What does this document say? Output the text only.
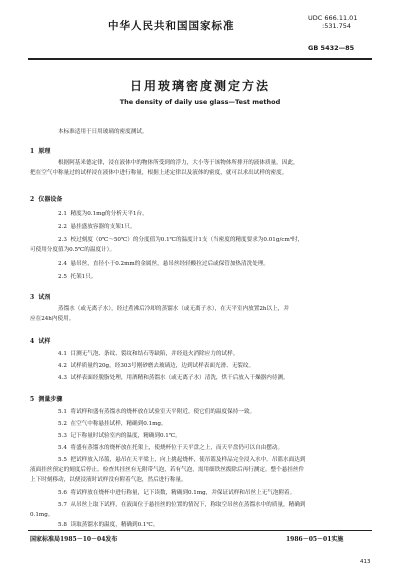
中华人民共和国国家标准
UDC 666.11.01
:531.754
GB 5432—85
日用玻璃密度测定方法
The density of daily use glass—Test method
本标准适用于日用玻璃的密度测试。
1 原理
根据阿基米德定律，浸在液体中的物体所受到的浮力，大小等于该物体所排开的液体质量。因此，
把在空气中称量过的试样浸在液体中进行称量，根据上述定律以及液体的密度，就可以求出试样的密度。
2 仪器设备
2.1 精度为0.1mg的分析天平1台。
2.2 悬挂盛放容器的支架1只。
2.3 校过刻度（0℃～50℃）的分度值为0.1℃的温度计1支（当密度的精度要求为0.01g/cm³时，
可使用分度值为0.5℃的温度计）。
2.4 悬吊丝，直径小于0.2mm的金属丝，悬吊丝经轻酸拉过后或保管加热清洗处理。
2.5 托架1只。
3 试剂
蒸馏水（或无离子水），经过煮沸后冷却的蒸馏水（或无离子水），在天平室内放置2h以上，并
应在24h内使用。
4 试样
4.1 目测无气泡、条纹、裂纹和结石等缺陷，并经退火消除应力的试样。
4.2 试样质量约20g，经303号刚砂磨去玻璃边，边到试样表面光滑、无裂纹。
4.3 试样表面经脱脂处理，用酒精和蒸馏水（或无离子水）清洗，烘干后放入干燥器内待测。
5 测量步骤
5.1 将试样和盛有蒸馏水的烧杯放在试验室天平附近，使它们的温度保持一致。
5.2 在空气中称悬挂试样，精确到0.1mg。
5.3 记下称量时试验室内的温度，精确到0.1℃。
5.4 将盛有蒸馏水的烧杯放在托架上，使烧杯位于天平盘之上，而天平盘仍可以自由摆动。
5.5 把试样放入吊篮，悬吊在天平梁上，向上挑起烧杯，使吊篮及样品完全浸入水中。吊篮水面达到
液面挂丝预定的刻度后停止。检查其挂丝有无附带气泡，若有气泡，需用细铁丝拨除后再行测定。整个悬挂丝件
上下时刻移动，以便浸液时试样没有附着气泡，然后进行称量。
5.6 将试样放在烧杯中进行称量，记下读数，精确到0.1mg，并保证试样和吊丝上无气泡附着。
5.7 从吊丝上取下试样，在液面位于悬挂丝的位置的情况下，称取空吊丝在蒸馏水中的质量，精确到
0.1mg。
5.8 读取蒸馏水的温度，精确到0.1℃。
国家标准局1985－10－04发布	1986－05－01实施
413
